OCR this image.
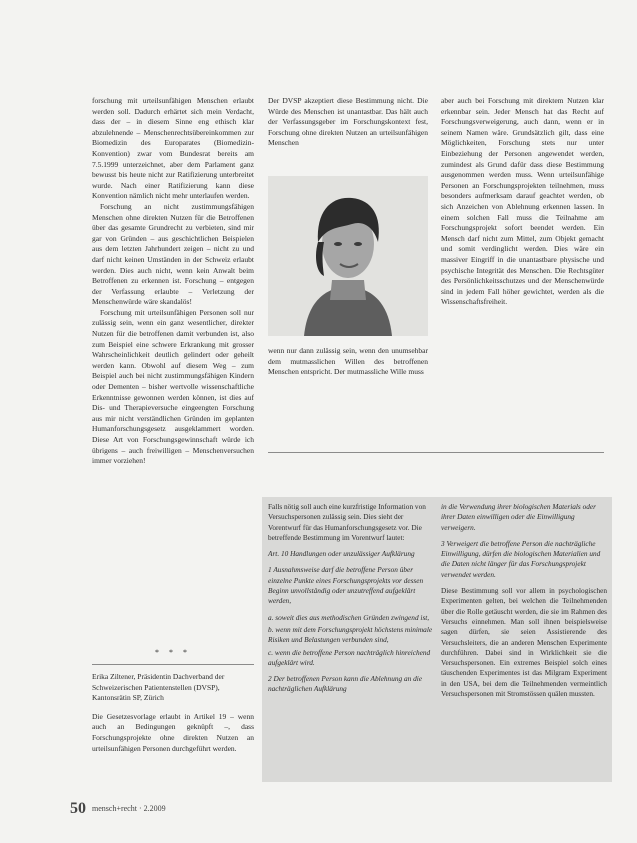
forschung mit urteilsunfähigen Menschen erlaubt werden soll. Dadurch erhärtet sich mein Verdacht, dass der – in diesem Sinne eng ethisch klar abzulehnende – Menschenrechtsübereinkommen zur Biomedizin des Europarates (Biomedizin-Konvention) zwar vom Bundesrat bereits am 7.5.1999 unterzeichnet, aber dem Parlament ganz bewusst bis heute nicht zur Ratifizierung unterbreitet wurde. Nach einer Ratifizierung kann diese Konvention nämlich nicht mehr unterlaufen werden.

Forschung an nicht zustimmungsfähigen Menschen ohne direkten Nutzen für die Betroffenen über das gesamte Grundrecht zu verbieten, sind mir gar von Gründen – aus geschichtlichen Beispielen aus dem letzten Jahrhundert zeigen – nicht zu und darf nicht keinen Umständen in der Schweiz erlaubt werden. Dies auch nicht, wenn kein Anwalt beim Betroffenen zu erkennen ist. Forschung – entgegen der Verfassung erlaubte – Verletzung der Menschenwürde wäre skandalös!

Forschung mit urteilsunfähigen Personen soll nur zulässig sein, wenn ein ganz wesentlicher, direkter Nutzen für die betroffenen damit verbunden ist, also zum Beispiel eine schwere Erkrankung mit grosser Wahrscheinlichkeit deutlich gelindert oder geheilt werden kann. Obwohl auf diesem Weg – zum Beispiel auch bei nicht zustimmungsfähigen Kindern oder Dementen – bisher wertvolle wissenschaftliche Erkenntnisse gewonnen werden können, ist dies auf Dis- und Therapieversuche eingeengten Forschung aus mir nicht verständlichen Gründen im geplanten Humanforschungsgesetz ausgeklammert worden. Diese Art von Forschungsgewinnschaft würde ich übrigens – auch freiwilligen – Menschenversuchen immer vorziehen!

* * *

Erika Ziltener, Präsidentin Dachverband der Schweizerischen Patientenstellen (DVSP), Kantonsrätin SP, Zürich

Die Gesetzesvorlage erlaubt in Artikel 19 – wenn auch an Bedingungen geknüpft –, dass Forschungsprojekte ohne direkten Nutzen an urteilsunfähigen Personen durchgeführt werden.

Der DVSP akzeptiert diese Bestimmung nicht. Die Würde des Menschen ist unantastbar. Das hält auch der Verfassungsgeber im Forschungskontext fest, Forschung ohne direkten Nutzen an urteilsunfähigen Menschen

wenn nur dann zulässig sein, wenn den unumsehbar dem mutmasslichen Willen des betroffenen Menschen entspricht. Der mutmassliche Wille muss

aber auch bei Forschung mit direktem Nutzen klar erkennbar sein. Jeder Mensch hat das Recht auf Forschungsverweigerung, auch dann, wenn er in seinem Namen wäre. Grundsätzlich gilt, dass eine Möglichkeiten, Forschung stets nur unter Einbeziehung der Personen angewendet werden, zumindest als Grund dafür dass diese Bestimmung ausgenommen werden muss. Wenn urteilsunfähige Personen an Forschungsprojekten teilnehmen, muss besonders aufmerksam darauf geachtet werden, ob sich Anzeichen von Ablehnung erkennen lassen. In einem solchen Fall muss die Teilnahme am Forschungsprojekt sofort beendet werden. Ein Mensch darf nicht zum Mittel, zum Objekt gemacht und somit verdinglicht werden. Dies wäre ein massiver Eingriff in die unantastbare physische und psychische Integrität des Menschen. Die Rechtsgüter des Persönlichkeitsschutzes und der Menschenwürde sind in jedem Fall höher gewichtet, werden als die Wissenschaftsfreiheit.

Falls nötig soll auch eine kurzfristige Information von Versuchspersonen zulässig sein. Dies sieht der Vorentwurf für das Humanforschungsgesetz vor. Die betreffende Bestimmung im Vorentwurf lautet:

Art. 10 Handlungen oder unzulässiger Aufklärung

1 Ausnahmsweise darf die betroffene Person über einzelne Punkte eines Forschungsprojekts vor dessen Beginn unvollständig oder unzutreffend aufgeklärt werden,

a. soweit dies aus methodischen Gründen zwingend ist,

b. wenn mit dem Forschungsprojekt höchstens minimale Risiken und Belastungen verbunden sind,

c. wenn die betroffene Person nachträglich hinreichend aufgeklärt wird.

2 Der betroffenen Person kann die Ablehnung an die nachträglichen Aufklärung

in die Verwendung ihrer biologischen Materials oder ihrer Daten einwilligen oder die Einwilligung verweigern.

3 Verweigert die betroffene Person die nachträgliche Einwilligung, dürfen die biologischen Materialien und die Daten nicht länger für das Forschungsprojekt verwendet werden.

Diese Bestimmung soll vor allem in psychologischen Experimenten gelten, bei welchen die Teilnehmenden über die Rolle getäuscht werden, die sie im Rahmen des Versuchs einnehmen. Man soll ihnen beispielsweise sagen dürfen, sie seien Assistierende des Versuchsleiters, die an anderen Menschen Experimente durchführen. Dabei sind in Wirklichkeit sie die Versuchspersonen. Ein extremes Beispiel solch eines täuschenden Experimentes ist das Milgram Experiment in den USA, bei dem die Teilnehmenden vermeintlich Versuchspersonen mit Stromstössen quälen mussten.

50 mensch+recht · 2.2009
